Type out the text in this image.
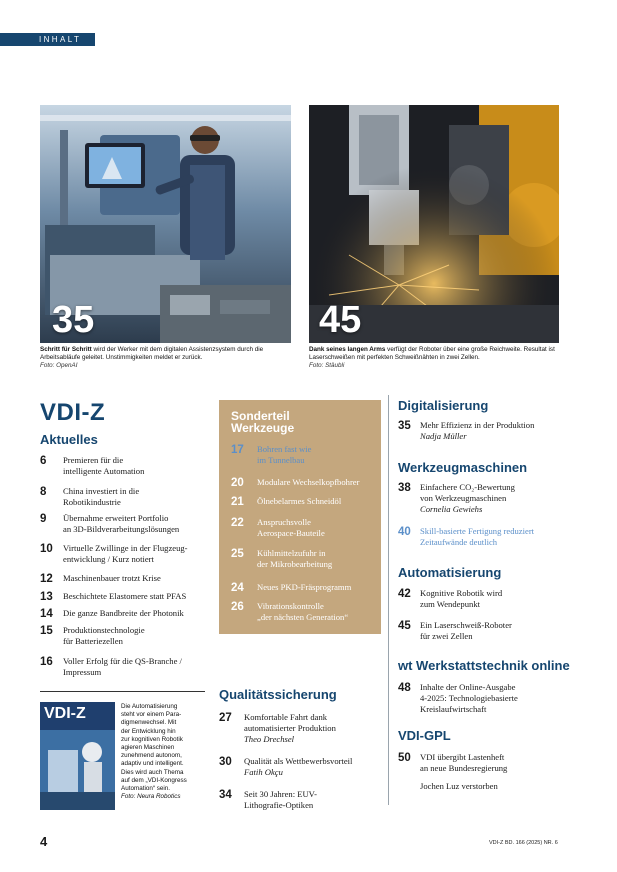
INHALT
35
Schritt für Schritt wird der Werker mit dem digitalen Assistenzsystem durch die Arbeitsabläufe geleitet. Unstimmigkeiten meldet er zurück.
Foto: OpenAI
45
Dank seines langen Arms verfügt der Roboter über eine große Reichweite. Resultat ist Laserschweißen mit perfekten Schweißnähten in zwei Zellen.
Foto: Stäubli
VDI-Z
Aktuelles
6 Premieren für die
intelligente Automation
8 China investiert in die
Robotikindustrie
9 Übernahme erweitert Portfolio
an 3D-Bildverarbeitungslösungen
10 Virtuelle Zwillinge in der Flugzeug-
entwicklung / Kurz notiert
12 Maschinenbauer trotzt Krise
13 Beschichtete Elastomere statt PFAS
14 Die ganze Bandbreite der Photonik
15 Produktionstechnologie
für Batteriezellen
16 Voller Erfolg für die QS-Branche /
Impressum
Sonderteil
Werkzeuge
17 Bohren fast wie
im Tunnelbau
20 Modulare Wechselkopfbohrer
21 Ölnebelarmes Schneidöl
22 Anspruchsvolle
Aerospace-Bauteile
25 Kühlmittelzufuhr in
der Mikrobearbeitung
24 Neues PKD-Fräsprogramm
26 Vibrationskontrolle
„der nächsten Generation“
VDI-Z	Die Automatisierung
steht vor einem Para-
digmenwechsel. Mit
der Entwicklung hin
zur kognitiven Robotik
agieren Maschinen
zunehmend autonom,
adaptiv und intelligent.
Dies wird auch Thema
auf dem „VDI-Kongress
Automation“ sein.
Foto: Neura Robotics
Qualitätssicherung
27 Komfortable Fahrt dank
automatisierter Produktion
Theo Drechsel
30 Qualität als Wettbewerbsvorteil
Fatih Okçu
34 Seit 30 Jahren: EUV-
Lithografie-Optiken
Digitalisierung
Werkzeugmaschinen
Automatisierung
wt Werkstattstechnik online
VDI-GPL
35 Mehr Effizienz in der Produktion
Nadja Müller
38 Einfachere CO₂-Bewertung
von Werkzeugmaschinen
Cornelia Gewiehs
40 Skill-basierte Fertigung reduziert
Zeitaufwände deutlich
42 Kognitive Robotik wird
zum Wendepunkt
45 Ein Laserschweiß-Roboter
für zwei Zellen
48 Inhalte der Online-Ausgabe
4-2025: Technologiebasierte
Kreislaufwirtschaft
50 VDI übergibt Lastenheft
an neue Bundesregierung
Jochen Luz verstorben
4	VDI-Z BD. 166 (2025) NR. 6
